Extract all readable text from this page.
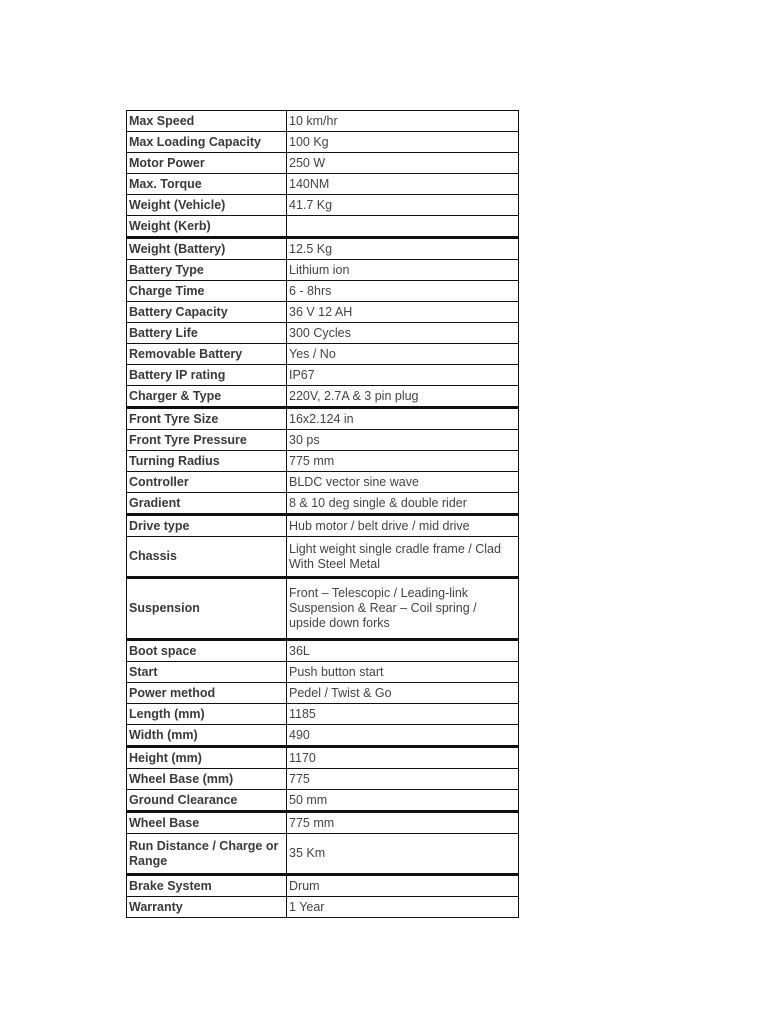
Max Speed	10 km/hr
Max Loading Capacity	100 Kg
Motor Power	250 W
Max. Torque	140NM
Weight (Vehicle)	41.7 Kg
Weight (Kerb)	
Weight (Battery)	12.5 Kg
Battery Type	Lithium ion
Charge Time	6 - 8hrs
Battery Capacity	36 V 12 AH
Battery Life	300 Cycles
Removable Battery	Yes / No
Battery IP rating	IP67
Charger & Type	220V, 2.7A & 3 pin plug
Front Tyre Size	16x2.124 in
Front Tyre Pressure	30 ps
Turning Radius	775 mm
Controller	BLDC vector sine wave
Gradient	8 & 10 deg single & double rider
Drive type	Hub motor / belt drive / mid drive
Chassis	Light weight single cradle frame / Clad With Steel Metal
Suspension	Front – Telescopic / Leading-link Suspension & Rear – Coil spring / upside down forks
Boot space	36L
Start	Push button start
Power method	Pedel / Twist & Go
Length (mm)	1185
Width (mm)	490
Height (mm)	1170
Wheel Base (mm)	775
Ground Clearance	50 mm
Wheel Base	775 mm
Run Distance / Charge or Range	35 Km
Brake System	Drum
Warranty	1 Year
